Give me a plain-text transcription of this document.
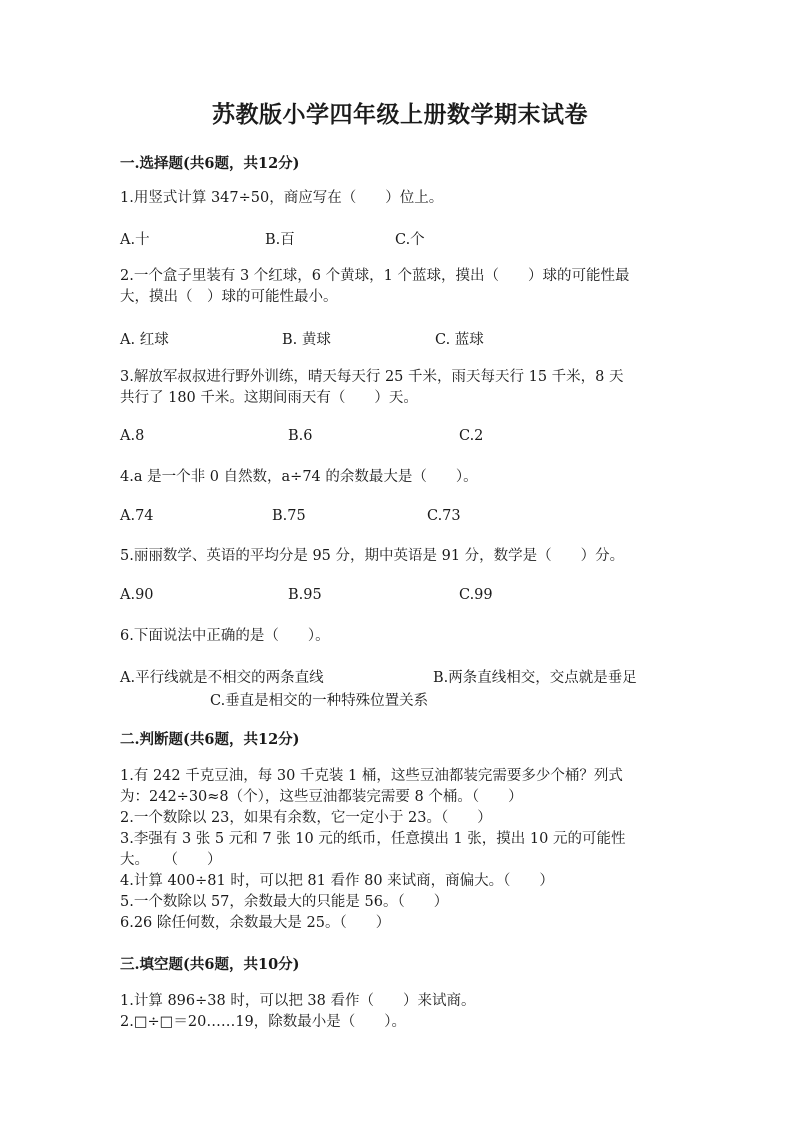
苏教版小学四年级上册数学期末试卷
一.选择题(共6题，共12分)
1.用竖式计算 347÷50，商应写在（　　）位上。
A.十	B.百	C.个
2.一个盒子里装有 3 个红球，6 个黄球，1 个蓝球，摸出（　　）球的可能性最
大，摸出（　）球的可能性最小。
A. 红球	B. 黄球	C. 蓝球
3.解放军叔叔进行野外训练，晴天每天行 25 千米，雨天每天行 15 千米，8 天
共行了 180 千米。这期间雨天有（　　）天。
A.8	B.6	C.2
4.a 是一个非 0 自然数，a÷74 的余数最大是（　　）。
A.74	B.75	C.73
5.丽丽数学、英语的平均分是 95 分，期中英语是 91 分，数学是（　　）分。
A.90	B.95	C.99
6.下面说法中正确的是（　　）。
A.平行线就是不相交的两条直线	B.两条直线相交，交点就是垂足
C.垂直是相交的一种特殊位置关系
二.判断题(共6题，共12分)
1.有 242 千克豆油，每 30 千克装 1 桶，这些豆油都装完需要多少个桶？列式
为：242÷30≈8（个），这些豆油都装完需要 8 个桶。（　　）
2.一个数除以 23，如果有余数，它一定小于 23。（　　）
3.李强有 3 张 5 元和 7 张 10 元的纸币，任意摸出 1 张，摸出 10 元的可能性
大。　　（　　）
4.计算 400÷81 时，可以把 81 看作 80 来试商，商偏大。（　　）
5.一个数除以 57，余数最大的只能是 56。（　　）
6.26 除任何数，余数最大是 25。（　　）
三.填空题(共6题，共10分)
1.计算 896÷38 时，可以把 38 看作（　　）来试商。
2.□÷□＝20……19，除数最小是（　　）。
